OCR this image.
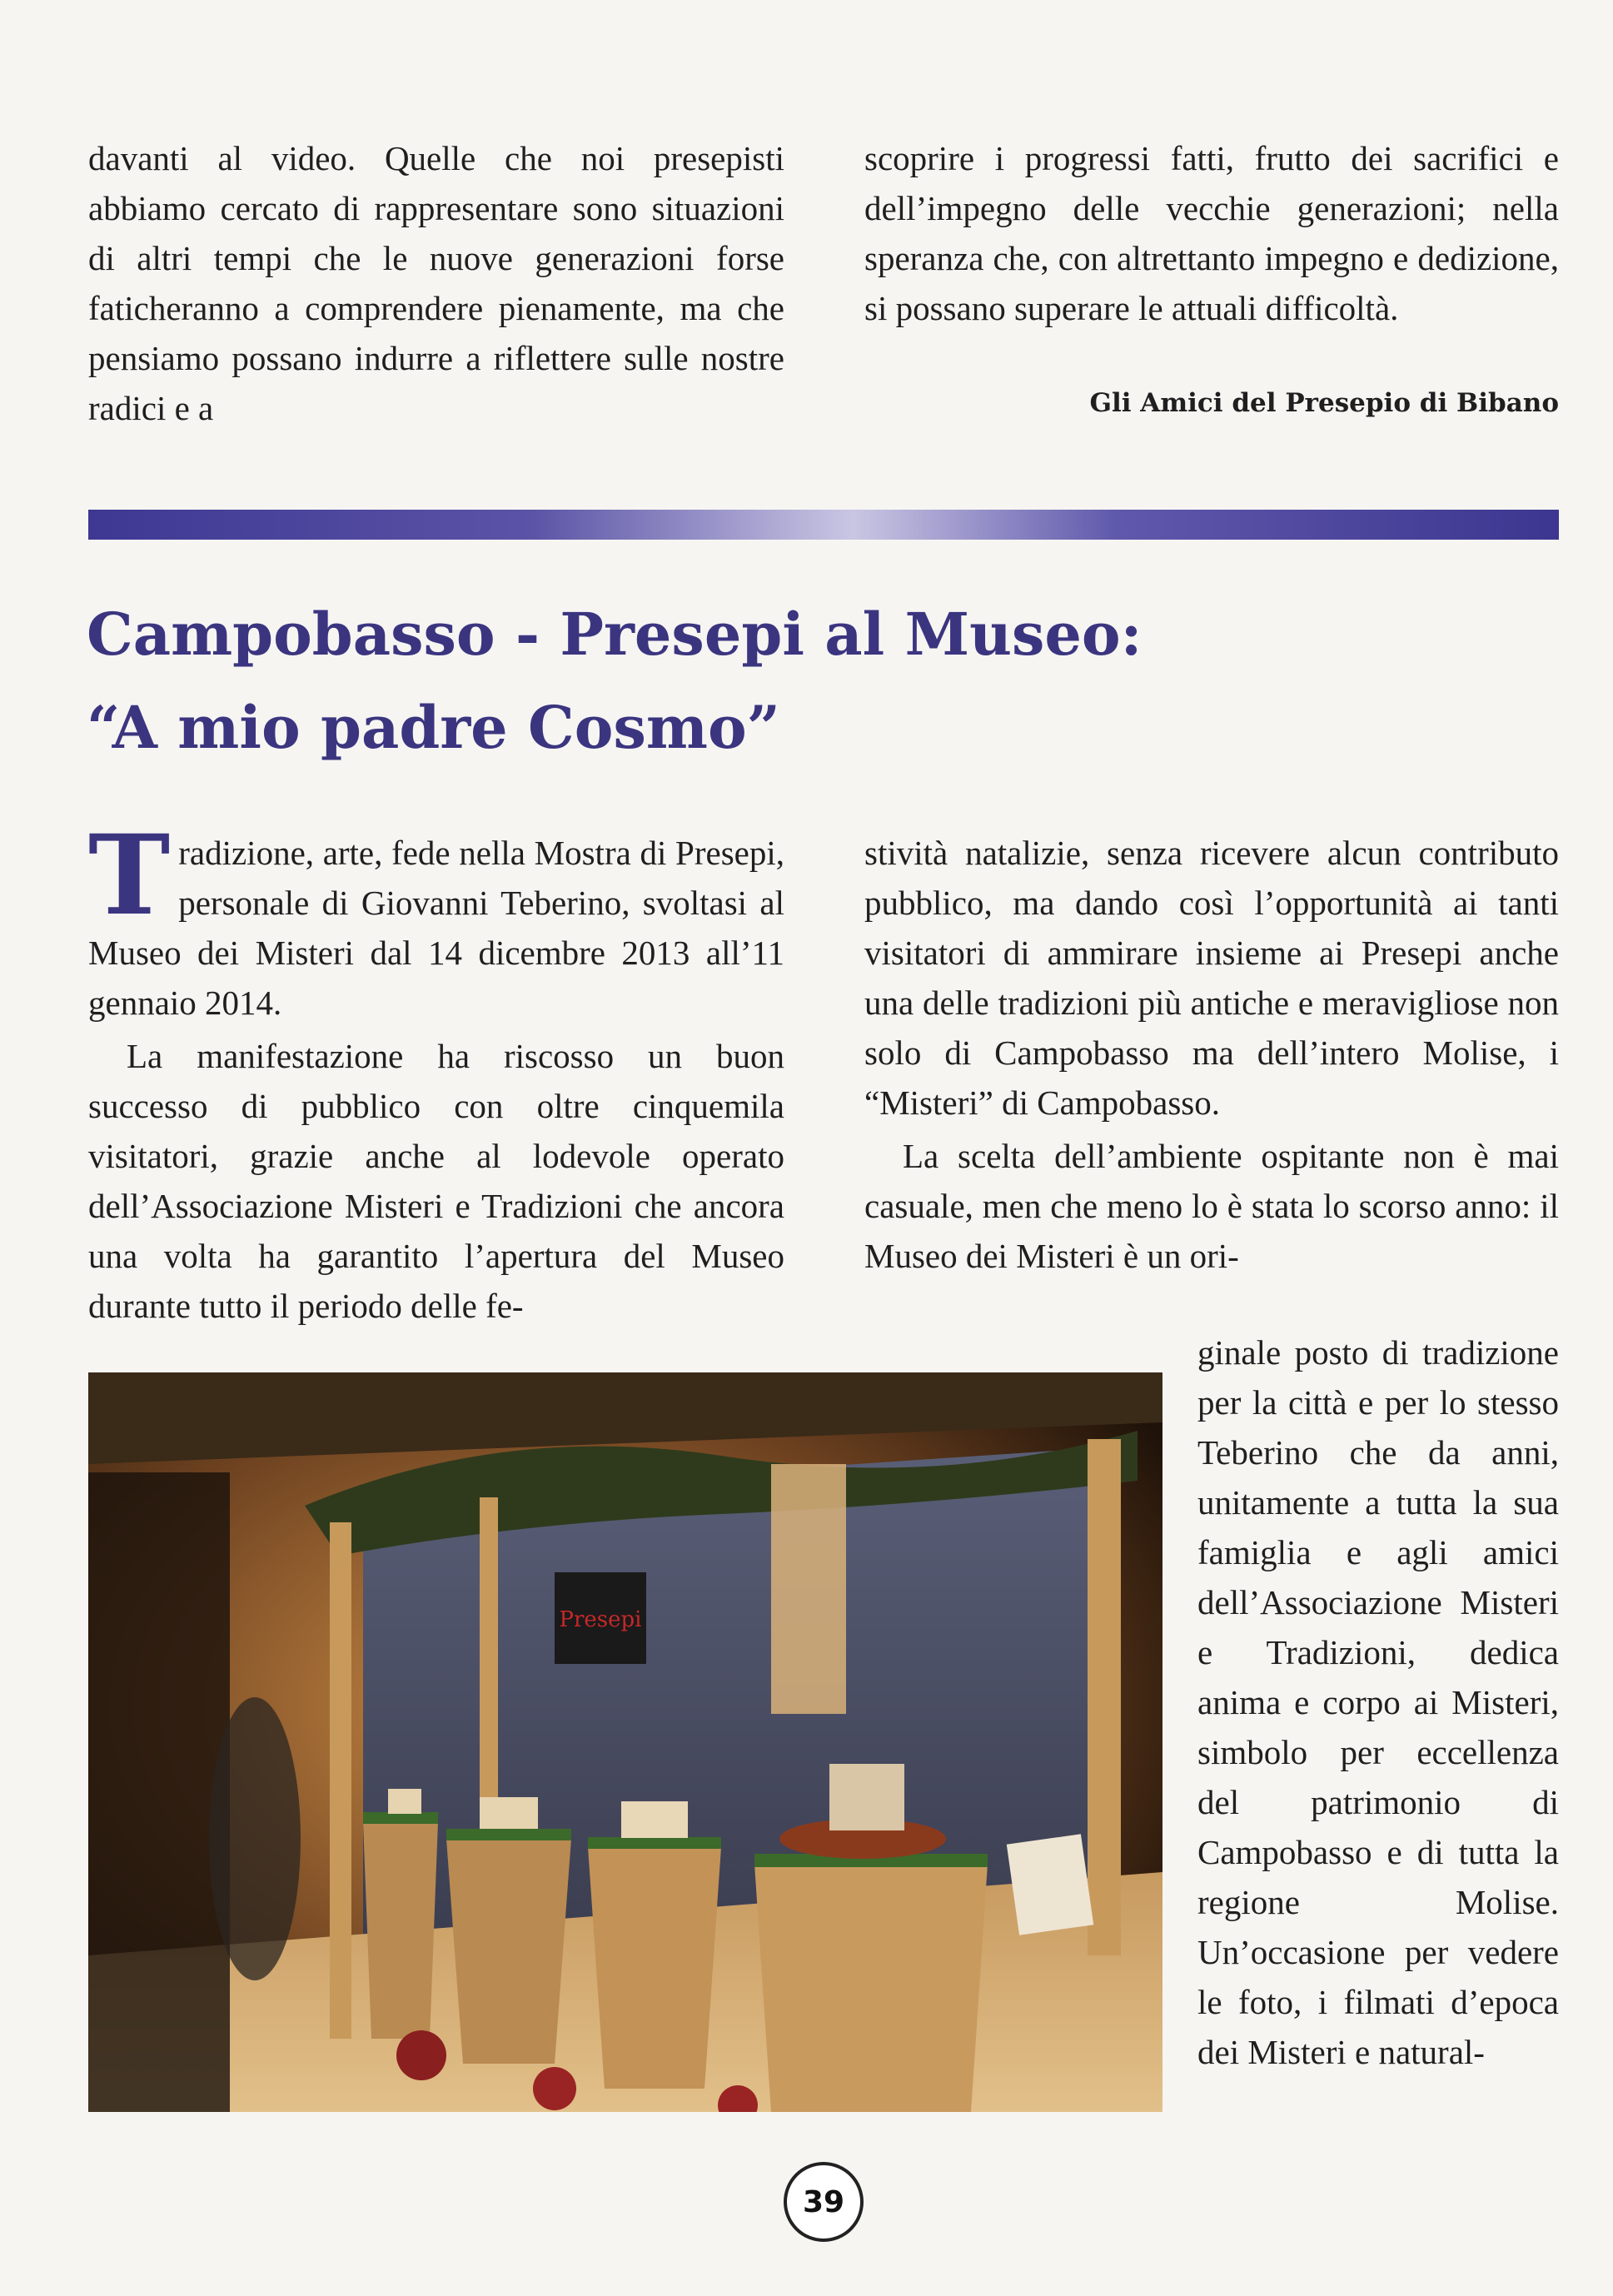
davanti al video. Quelle che noi presepisti abbiamo cercato di rappresentare sono situazioni di altri tempi che le nuove generazioni forse faticheranno a comprendere pienamente, ma che pensiamo possano indurre a riflettere sulle nostre radici e a

scoprire i progressi fatti, frutto dei sacrifici e dell’impegno delle vecchie generazioni; nella speranza che, con altrettanto impegno e dedizione, si possano superare le attuali difficoltà.

Gli Amici del Presepio di Bibano
Campobasso - Presepi al Museo:
“A mio padre Cosmo”

Tradizione, arte, fede nella Mostra di Presepi, personale di Giovanni Teberino, svoltasi al Museo dei Misteri dal 14 dicembre 2013 all’11 gennaio 2014.

La manifestazione ha riscosso un buon successo di pubblico con oltre cinquemila visitatori, grazie anche al lodevole operato dell’Associazione Misteri e Tradizioni che ancora una volta ha garantito l’apertura del Museo durante tutto il periodo delle fe-

stività natalizie, senza ricevere alcun contributo pubblico, ma dando così l’opportunità ai tanti visitatori di ammirare insieme ai Presepi anche una delle tradizioni più antiche e meravigliose non solo di Campobasso ma dell’intero Molise, i “Misteri” di Campobasso.

La scelta dell’ambiente ospitante non è mai casuale, men che meno lo è stata lo scorso anno: il Museo dei Misteri è un ori-

ginale posto di tradizione per la città e per lo stesso Teberino che da anni, unitamente a tutta la sua famiglia e agli amici dell’Associazione Misteri e Tradizioni, dedica anima e corpo ai Misteri, simbolo per eccellenza del patrimonio di Campobasso e di tutta la regione Molise. Un’occasione per vedere le foto, i filmati d’epoca dei Misteri e natural-
Presepi
39
